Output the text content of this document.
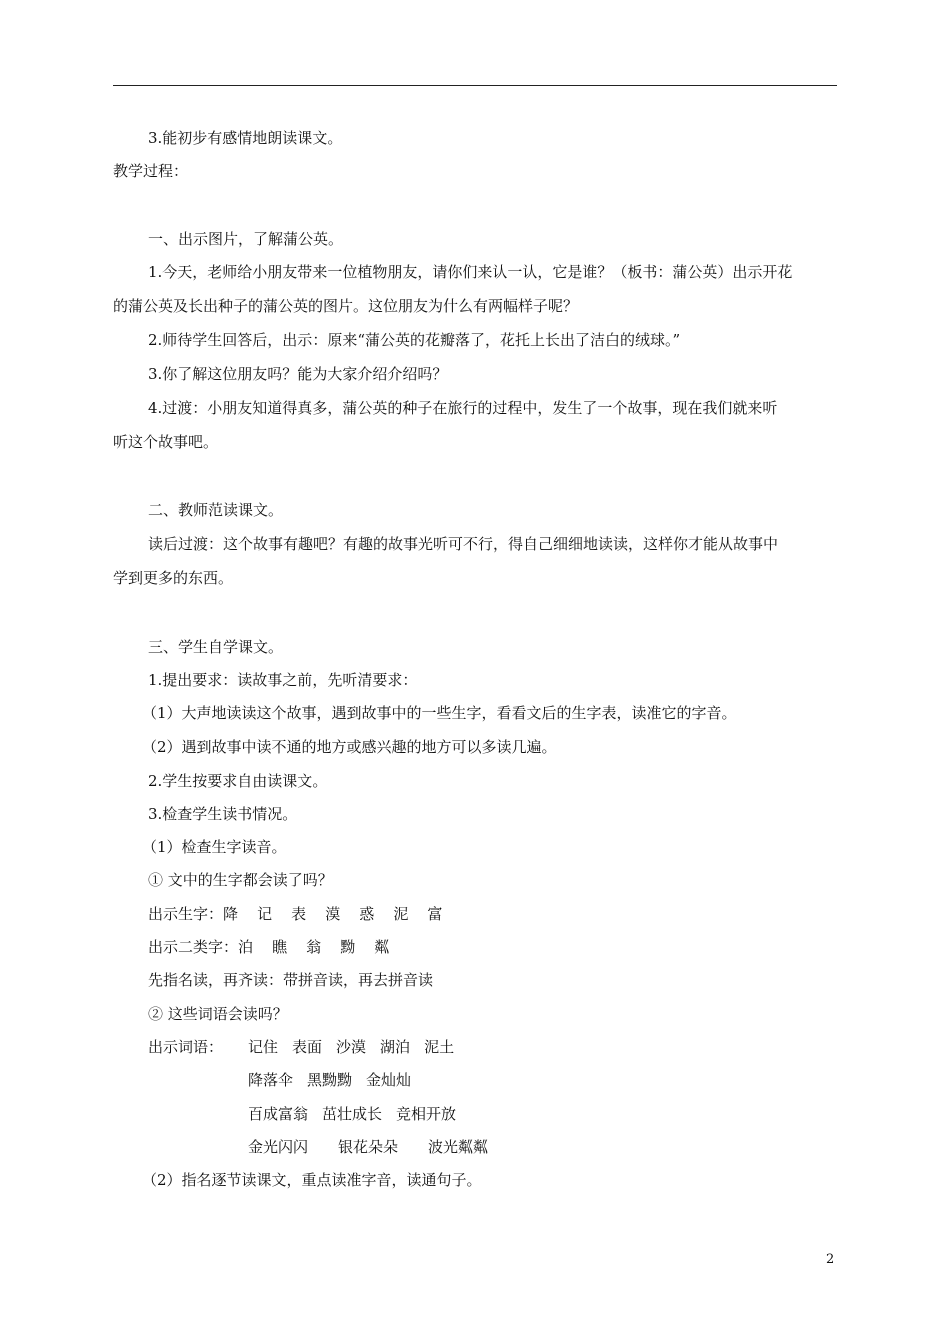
3.能初步有感情地朗读课文。
教学过程：
一、出示图片，了解蒲公英。
1.今天，老师给小朋友带来一位植物朋友，请你们来认一认，它是谁？（板书：蒲公英）出示开花
的蒲公英及长出种子的蒲公英的图片。这位朋友为什么有两幅样子呢？
2.师待学生回答后，出示：原来“蒲公英的花瓣落了，花托上长出了洁白的绒球。”
3.你了解这位朋友吗？能为大家介绍介绍吗？
4.过渡：小朋友知道得真多，蒲公英的种子在旅行的过程中，发生了一个故事，现在我们就来听
听这个故事吧。
二、教师范读课文。
读后过渡：这个故事有趣吧？有趣的故事光听可不行，得自己细细地读读，这样你才能从故事中
学到更多的东西。
三、学生自学课文。
1.提出要求：读故事之前，先听清要求：
（1）大声地读读这个故事，遇到故事中的一些生字，看看文后的生字表，读准它的字音。
（2）遇到故事中读不通的地方或感兴趣的地方可以多读几遍。
2.学生按要求自由读课文。
3.检查学生读书情况。
（1）检查生字读音。
① 文中的生字都会读了吗？
出示生字：降    记    表    漠    惑    泥    富
出示二类字：泊    瞧    翁    黝    粼
先指名读，再齐读：带拼音读，再去拼音读
② 这些词语会读吗？
出示词语： 记住 表面 沙漠 湖泊 泥土
降落伞 黑黝黝 金灿灿
百成富翁 茁壮成长 竞相开放
金光闪闪 银花朵朵 波光粼粼
（2）指名逐节读课文，重点读准字音，读通句子。
2
